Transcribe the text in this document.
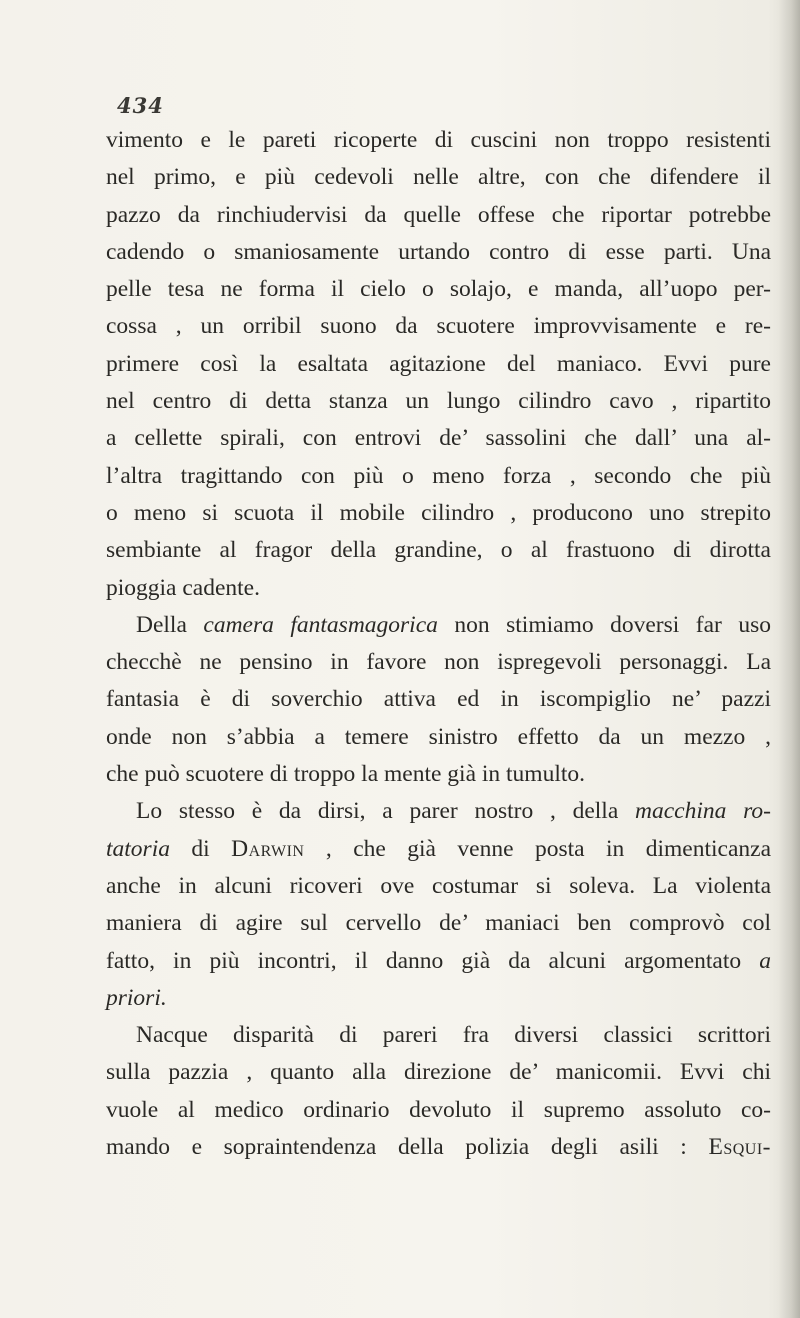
434
vimento e le pareti ricoperte di cuscini non troppo resistenti
nel primo, e più cedevoli nelle altre, con che difendere il
pazzo da rinchiudervisi da quelle offese che riportar potrebbe
cadendo o smaniosamente urtando contro di esse parti. Una
pelle tesa ne forma il cielo o solajo, e manda, all’uopo per-
cossa , un orribil suono da scuotere improvvisamente e re-
primere così la esaltata agitazione del maniaco. Evvi pure
nel centro di detta stanza un lungo cilindro cavo , ripartito
a cellette spirali, con entrovi de’ sassolini che dall’ una al-
l’altra tragittando con più o meno forza , secondo che più
o meno si scuota il mobile cilindro , producono uno strepito
sembiante al fragor della grandine, o al frastuono di dirotta
pioggia cadente.
Della camera fantasmagorica non stimiamo doversi far uso
checchè ne pensino in favore non ispregevoli personaggi. La
fantasia è di soverchio attiva ed in iscompiglio ne’ pazzi
onde non s’abbia a temere sinistro effetto da un mezzo ,
che può scuotere di troppo la mente già in tumulto.
Lo stesso è da dirsi, a parer nostro , della macchina ro-
tatoria di Darwin , che già venne posta in dimenticanza
anche in alcuni ricoveri ove costumar si soleva. La violenta
maniera di agire sul cervello de’ maniaci ben comprovò col
fatto, in più incontri, il danno già da alcuni argomentato a
priori.
Nacque disparità di pareri fra diversi classici scrittori
sulla pazzia , quanto alla direzione de’ manicomii. Evvi chi
vuole al medico ordinario devoluto il supremo assoluto co-
mando e sopraintendenza della polizia degli asili : Esqui-
